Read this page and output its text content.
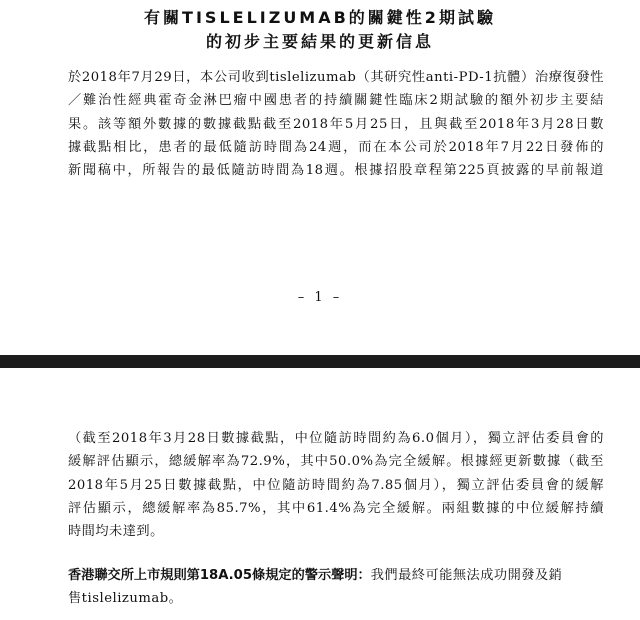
有關TISLELIZUMAB的關鍵性2期試驗
的初步主要結果的更新信息
於2018年7月29日，本公司收到tislelizumab（其研究性anti-PD-1抗體）治療復發性
／難治性經典霍奇金淋巴瘤中國患者的持續關鍵性臨床2期試驗的額外初步主要結
果。該等額外數據的數據截點截至2018年5月25日，且與截至2018年3月28日數
據截點相比，患者的最低隨訪時間為24週，而在本公司於2018年7月22日發佈的
新聞稿中，所報告的最低隨訪時間為18週。根據招股章程第225頁披露的早前報道
– 1 –
（截至2018年3月28日數據截點，中位隨訪時間約為6.0個月），獨立評估委員會的
緩解評估顯示，總緩解率為72.9%，其中50.0%為完全緩解。根據經更新數據（截至
2018年5月25日數據截點，中位隨訪時間約為7.85個月），獨立評估委員會的緩解
評估顯示，總緩解率為85.7%，其中61.4%為完全緩解。兩組數據的中位緩解持續
時間均未達到。
香港聯交所上市規則第18A.05條規定的警示聲明：我們最終可能無法成功開發及銷
售tislelizumab。
